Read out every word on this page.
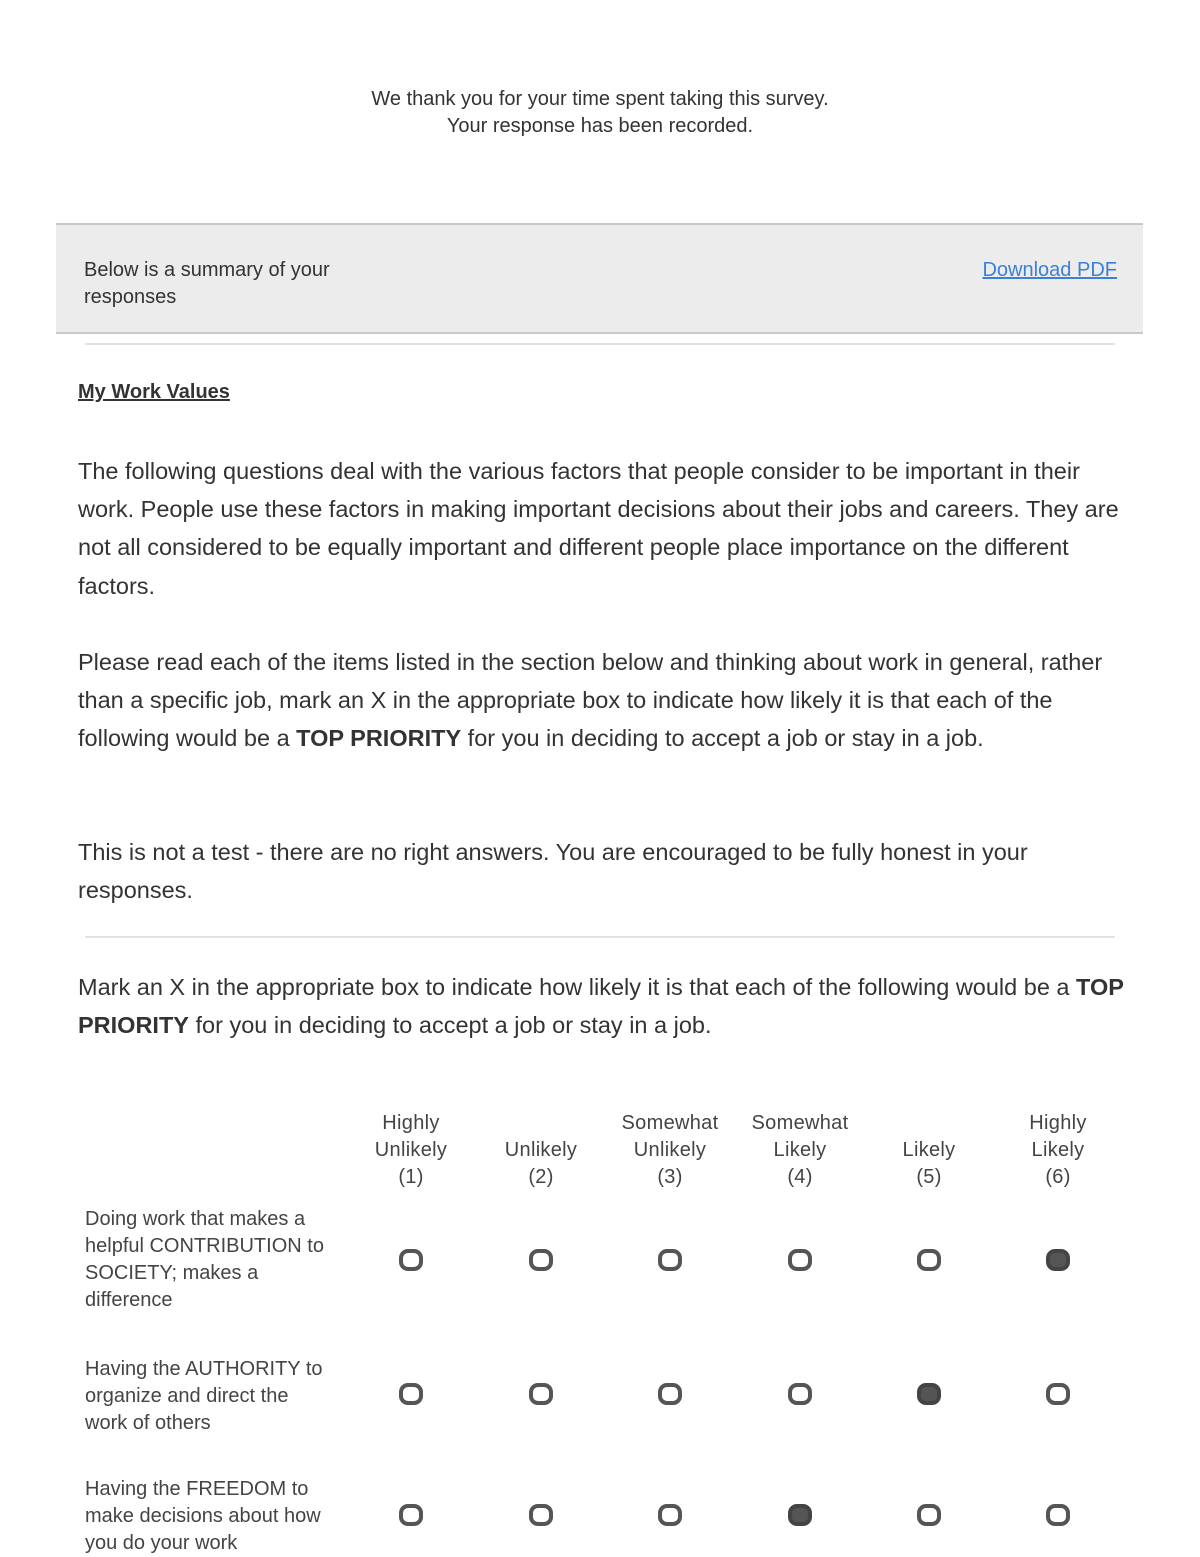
We thank you for your time spent taking this survey.
Your response has been recorded.
Below is a summary of your responses
Download PDF
My Work Values
The following questions deal with the various factors that people consider to be important in their work. People use these factors in making important decisions about their jobs and careers. They are not all considered to be equally important and different people place importance on the different factors.
Please read each of the items listed in the section below and thinking about work in general, rather than a specific job, mark an X in the appropriate box to indicate how likely it is that each of the following would be a TOP PRIORITY for you in deciding to accept a job or stay in a job.
This is not a test - there are no right answers. You are encouraged to be fully honest in your responses.
Mark an X in the appropriate box to indicate how likely it is that each of the following would be a TOP PRIORITY for you in deciding to accept a job or stay in a job.
Highly
Unlikely
(1)

Unlikely
(2)
Somewhat
Unlikely
(3)
Somewhat
Likely
(4)

Likely
(5)
Highly
Likely
(6)
Doing work that makes a helpful CONTRIBUTION to SOCIETY; makes a difference
Having the AUTHORITY to organize and direct the work of others
Having the FREEDOM to make decisions about how you do your work
